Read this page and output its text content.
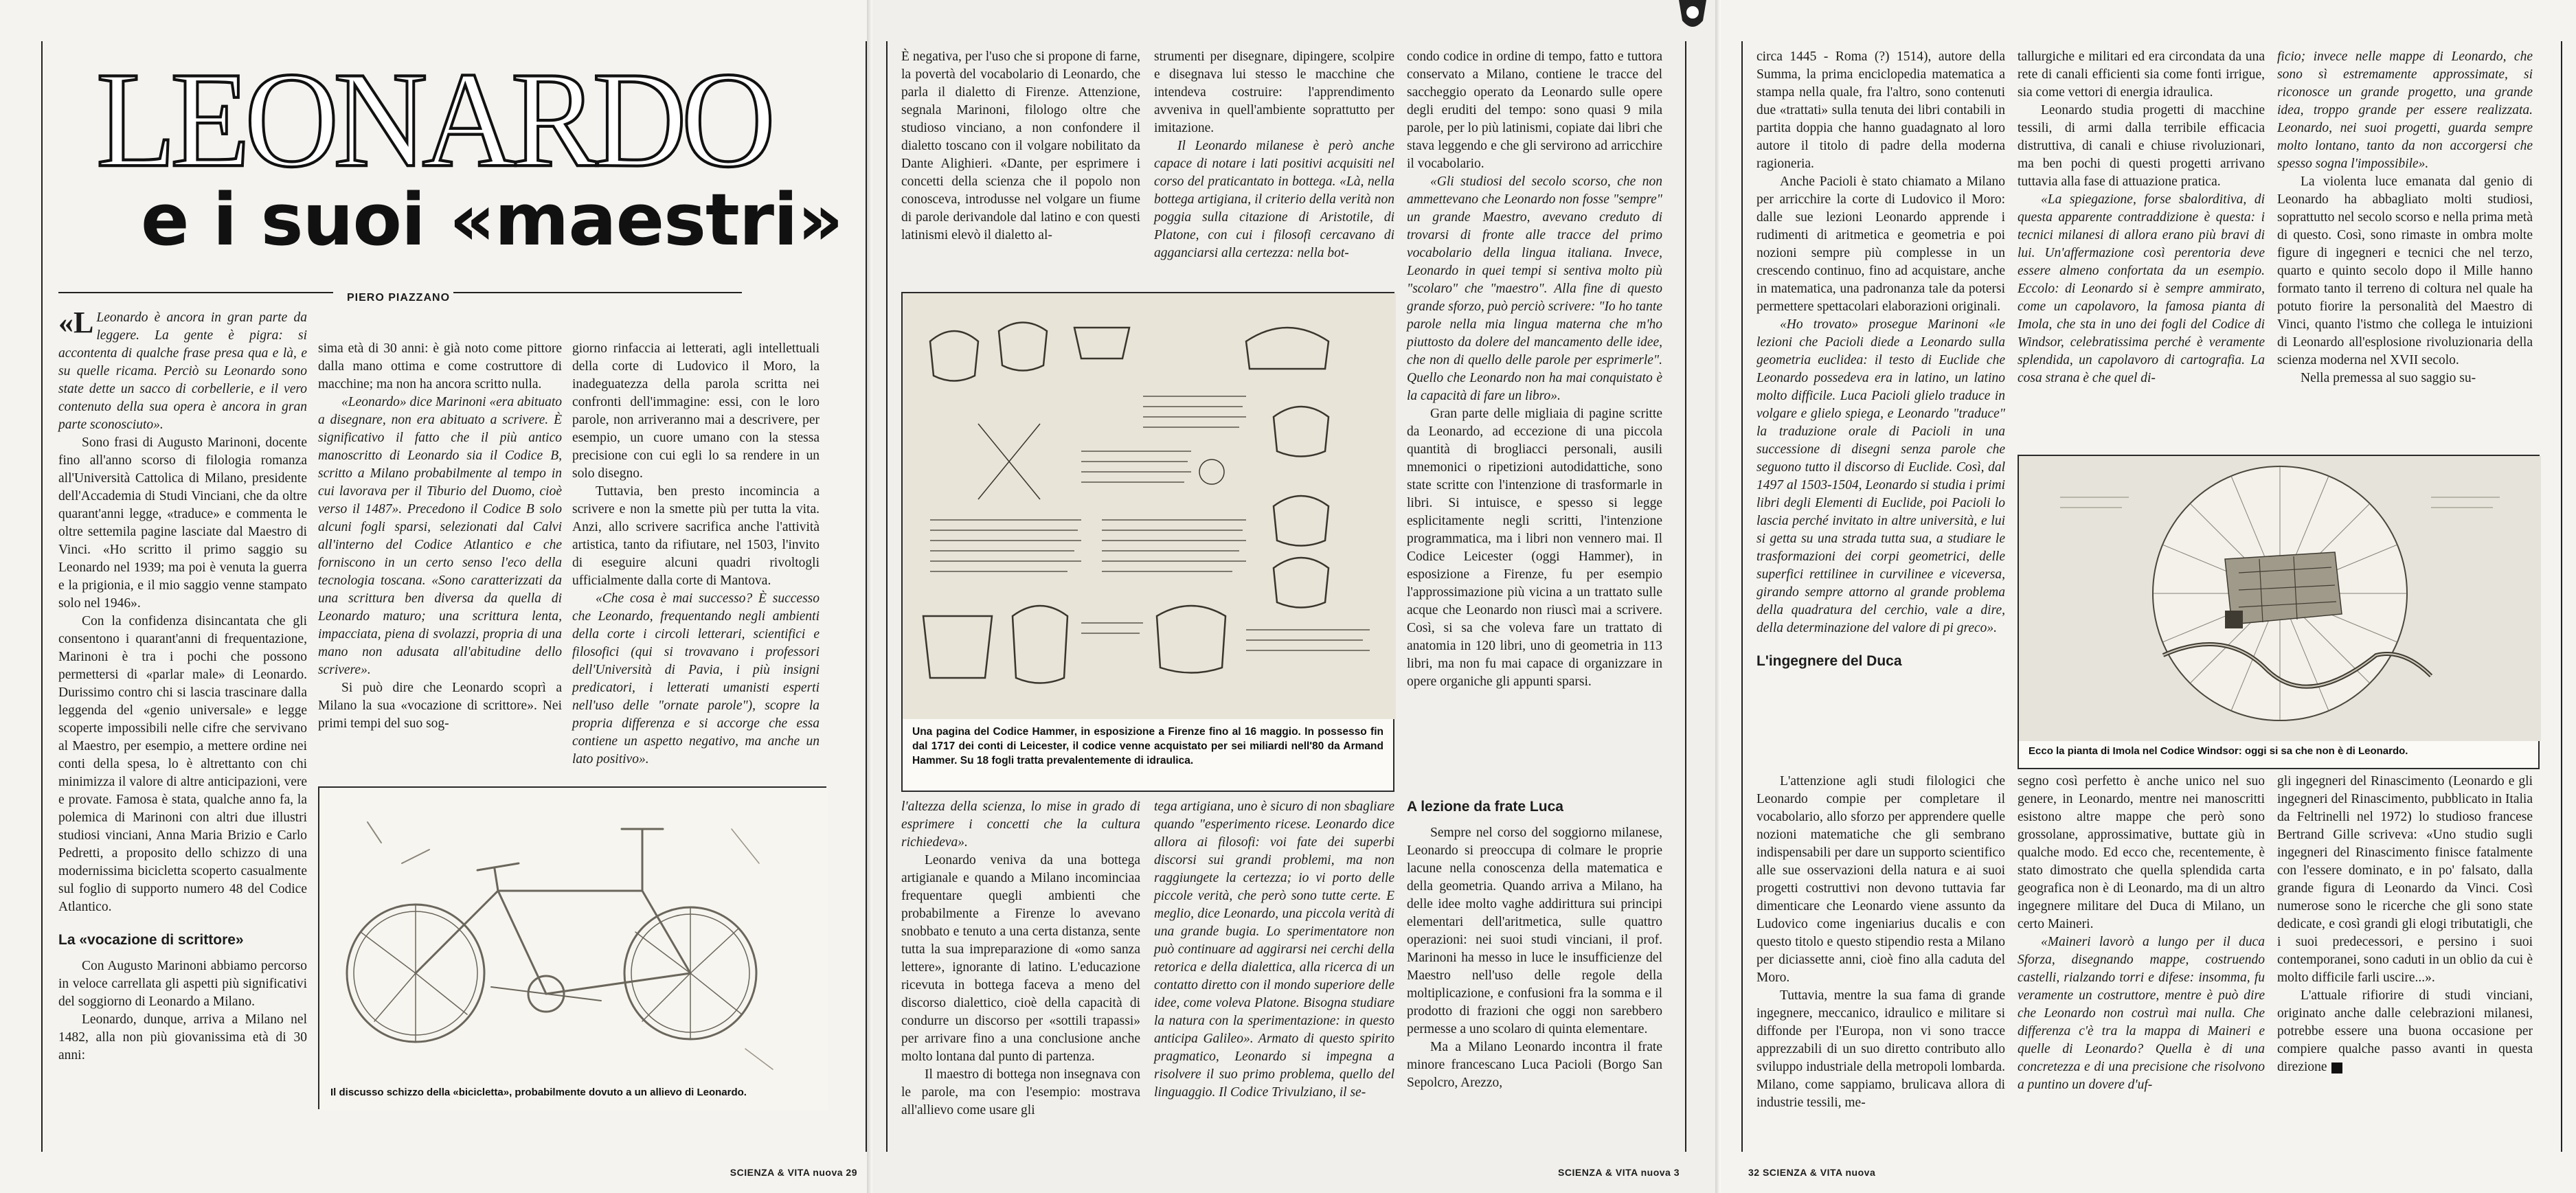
LEONARDO
e i suoi «maestri»
PIERO PIAZZANO

«L Leonardo è ancora in gran parte da leggere. La gente è pigra: si accontenta di qualche frase presa qua e là, e su quelle ricama. Perciò su Leonardo sono state dette un sacco di corbellerie, e il vero contenuto della sua opera è ancora in gran parte sconosciuto».

Sono frasi di Augusto Marinoni, docente fino all'anno scorso di filologia romanza all'Università Cattolica di Milano, presidente dell'Accademia di Studi Vinciani, che da oltre quarant'anni legge, «traduce» e commenta le oltre settemila pagine lasciate dal Maestro di Vinci. «Ho scritto il primo saggio su Leonardo nel 1939; ma poi è venuta la guerra e la prigionia, e il mio saggio venne stampato solo nel 1946».

Con la confidenza disincantata che gli consentono i quarant'anni di frequentazione, Marinoni è tra i pochi che possono permettersi di «parlar male» di Leonardo. Durissimo contro chi si lascia trascinare dalla leggenda del «genio universale» e legge scoperte impossibili nelle cifre che servivano al Maestro, per esempio, a mettere ordine nei conti della spesa, lo è altrettanto con chi minimizza il valore di altre anticipazioni, vere e provate. Famosa è stata, qualche anno fa, la polemica di Marinoni con altri due illustri studiosi vinciani, Anna Maria Brizio e Carlo Pedretti, a proposito dello schizzo di una modernissima bicicletta scoperto casualmente sul foglio di supporto numero 48 del Codice Atlantico.

La «vocazione di scrittore»

Con Augusto Marinoni abbiamo percorso in veloce carrellata gli aspetti più significativi del soggiorno di Leonardo a Milano.

Leonardo, dunque, arriva a Milano nel 1482, alla non più giovanissima età di 30 anni:

sima età di 30 anni: è già noto come pittore dalla mano ottima e come costruttore di macchine; ma non ha ancora scritto nulla.

«Leonardo» dice Marinoni «era abituato a disegnare, non era abituato a scrivere. È significativo il fatto che il più antico manoscritto di Leonardo sia il Codice B, scritto a Milano probabilmente al tempo in cui lavorava per il Tiburio del Duomo, cioè verso il 1487». Precedono il Codice B solo alcuni fogli sparsi, selezionati dal Calvi all'interno del Codice Atlantico e che forniscono in un certo senso l'eco della tecnologia toscana. «Sono caratterizzati da una scrittura ben diversa da quella di Leonardo maturo; una scrittura lenta, impacciata, piena di svolazzi, propria di una mano non adusata all'abitudine dello scrivere».

Si può dire che Leonardo scoprì a Milano la sua «vocazione di scrittore». Nei primi tempi del suo sog-

giorno rinfaccia ai letterati, agli intellettuali della corte di Ludovico il Moro, la inadeguatezza della parola scritta nei confronti dell'immagine: essi, con le loro parole, non arriveranno mai a descrivere, per esempio, un cuore umano con la stessa precisione con cui egli lo sa rendere in un solo disegno.

Tuttavia, ben presto incomincia a scrivere e non la smette più per tutta la vita. Anzi, allo scrivere sacrifica anche l'attività artistica, tanto da rifiutare, nel 1503, l'invito di eseguire alcuni quadri rivoltogli ufficialmente dalla corte di Mantova.

«Che cosa è mai successo? È successo che Leonardo, frequentando negli ambienti della corte i circoli letterari, scientifici e filosofici (qui si trovavano i professori dell'Università di Pavia, i più insigni predicatori, i letterati umanisti esperti nell'uso delle "ornate parole"), scopre la propria differenza e si accorge che essa contiene un aspetto negativo, ma anche un lato positivo».

Il discusso schizzo della «bicicletta», probabilmente dovuto a un allievo di Leonardo.
SCIENZA & VITA nuova 29

È negativa, per l'uso che si propone di farne, la povertà del vocabolario di Leonardo, che parla il dialetto di Firenze. Attenzione, segnala Marinoni, filologo oltre che studioso vinciano, a non confondere il dialetto toscano con il volgare nobilitato da Dante Alighieri. «Dante, per esprimere i concetti della scienza che il popolo non conosceva, introdusse nel volgare un fiume di parole derivandole dal latino e con questi latinismi elevò il dialetto al-

strumenti per disegnare, dipingere, scolpire e disegnava lui stesso le macchine che intendeva costruire: l'apprendimento avveniva in quell'ambiente soprattutto per imitazione.

Il Leonardo milanese è però anche capace di notare i lati positivi acquisiti nel corso del praticantato in bottega. «Là, nella bottega artigiana, il criterio della verità non poggia sulla citazione di Aristotile, di Platone, con cui i filosofi cercavano di agganciarsi alla certezza: nella bot-

condo codice in ordine di tempo, fatto e tuttora conservato a Milano, contiene le tracce del saccheggio operato da Leonardo sulle opere degli eruditi del tempo: sono quasi 9 mila parole, per lo più latinismi, copiate dai libri che stava leggendo e che gli servirono ad arricchire il vocabolario.

«Gli studiosi del secolo scorso, che non ammettevano che Leonardo non fosse "sempre" un grande Maestro, avevano creduto di trovarsi di fronte alle tracce del primo vocabolario della lingua italiana. Invece, Leonardo in quei tempi si sentiva molto più "scolaro" che "maestro". Alla fine di questo grande sforzo, può perciò scrivere: "Io ho tante parole nella mia lingua materna che m'ho piuttosto da dolere del mancamento delle idee, che non di quello delle parole per esprimerle". Quello che Leonardo non ha mai conquistato è la capacità di fare un libro».

Gran parte delle migliaia di pagine scritte da Leonardo, ad eccezione di una piccola quantità di brogliacci personali, ausili mnemonici o ripetizioni autodidattiche, sono state scritte con l'intenzione di trasformarle in libri. Si intuisce, e spesso si legge esplicitamente negli scritti, l'intenzione programmatica, ma i libri non vennero mai. Il Codice Leicester (oggi Hammer), in esposizione a Firenze, fu per esempio l'approssimazione più vicina a un trattato sulle acque che Leonardo non riuscì mai a scrivere. Così, si sa che voleva fare un trattato di anatomia in 120 libri, uno di geometria in 113 libri, ma non fu mai capace di organizzare in opere organiche gli appunti sparsi.

Una pagina del Codice Hammer, in esposizione a Firenze fino al 16 maggio. In possesso fin dal 1717 dei conti di Leicester, il codice venne acquistato per sei miliardi nell'80 da Armand Hammer. Su 18 fogli tratta prevalentemente di idraulica.

l'altezza della scienza, lo mise in grado di esprimere i concetti che la cultura richiedeva».

Leonardo veniva da una bottega artigianale e quando a Milano incominciaa frequentare quegli ambienti che probabilmente a Firenze lo avevano snobbato e tenuto a una certa distanza, sente tutta la sua impreparazione di «omo sanza lettere», ignorante di latino. L'educazione ricevuta in bottega faceva a meno del discorso dialettico, cioè della capacità di condurre un discorso per «sottili trapassi» per arrivare fino a una conclusione anche molto lontana dal punto di partenza.

Il maestro di bottega non insegnava con le parole, ma con l'esempio: mostrava all'allievo come usare gli

tega artigiana, uno è sicuro di non sbagliare quando "esperimento ricese. Leonardo dice allora ai filosofi: voi fate dei superbi discorsi sui grandi problemi, ma non raggiungete la certezza; io vi porto delle piccole verità, che però sono tutte certe. E meglio, dice Leonardo, una piccola verità di una grande bugia. Lo sperimentatore non può continuare ad aggirarsi nei cerchi della retorica e della dialettica, alla ricerca di un contatto diretto con il mondo superiore delle idee, come voleva Platone. Bisogna studiare la natura con la sperimentazione: in questo anticipa Galileo». Armato di questo spirito pragmatico, Leonardo si impegna a risolvere il suo primo problema, quello del linguaggio. Il Codice Trivulziano, il se-

SCIENZA & VITA nuova 3
A lezione da frate Luca

Sempre nel corso del soggiorno milanese, Leonardo si preoccupa di colmare le proprie lacune nella conoscenza della matematica e della geometria. Quando arriva a Milano, ha delle idee molto vaghe addirittura sui principi elementari dell'aritmetica, sulle quattro operazioni: nei suoi studi vinciani, il prof. Marinoni ha messo in luce le insufficienze del Maestro nell'uso delle regole della moltiplicazione, e confusioni fra la somma e il prodotto di frazioni che oggi non sarebbero permesse a uno scolaro di quinta elementare.

Ma a Milano Leonardo incontra il frate minore francescano Luca Pacioli (Borgo San Sepolcro, Arezzo,

circa 1445 - Roma (?) 1514), autore della Summa, la prima enciclopedia matematica a stampa nella quale, fra l'altro, sono contenuti due «trattati» sulla tenuta dei libri contabili in partita doppia che hanno guadagnato al loro autore il titolo di padre della moderna ragioneria.

Anche Pacioli è stato chiamato a Milano per arricchire la corte di Ludovico il Moro: dalle sue lezioni Leonardo apprende i rudimenti di aritmetica e geometria e poi nozioni sempre più complesse in un crescendo continuo, fino ad acquistare, anche in matematica, una padronanza tale da potersi permettere spettacolari elaborazioni originali.

«Ho trovato» prosegue Marinoni «le lezioni che Pacioli diede a Leonardo sulla geometria euclidea: il testo di Euclide che Leonardo possedeva era in latino, un latino molto difficile. Luca Pacioli glielo traduce in volgare e glielo spiega, e Leonardo "traduce" la traduzione orale di Pacioli in una successione di disegni senza parole che seguono tutto il discorso di Euclide. Così, dal 1497 al 1503-1504, Leonardo si studia i primi libri degli Elementi di Euclide, poi Pacioli lo lascia perché invitato in altre università, e lui si getta su una strada tutta sua, a studiare le trasformazioni dei corpi geometrici, delle superfici rettilinee in curvilinee e viceversa, girando sempre attorno al grande problema della quadratura del cerchio, vale a dire, della determinazione del valore di pi greco».

L'ingegnere del Duca

tallurgiche e militari ed era circondata da una rete di canali efficienti sia come fonti irrigue, sia come vettori di energia idraulica.

Leonardo studia progetti di macchine tessili, di armi dalla terribile efficacia distruttiva, di canali e chiuse rivoluzionari, ma ben pochi di questi progetti arrivano tuttavia alla fase di attuazione pratica.

«La spiegazione, forse sbalorditiva, di questa apparente contraddizione è questa: i tecnici milanesi di allora erano più bravi di lui. Un'affermazione così perentoria deve essere almeno confortata da un esempio. Eccolo: di Leonardo si è sempre ammirato, come un capolavoro, la famosa pianta di Imola, che sta in uno dei fogli del Codice di Windsor, celebratissima perché è veramente splendida, un capolavoro di cartografia. La cosa strana è che quel di-

ficio; invece nelle mappe di Leonardo, che sono sì estremamente approssimate, si riconosce un grande progetto, una grande idea, troppo grande per essere realizzata. Leonardo, nei suoi progetti, guarda sempre molto lontano, tanto da non accorgersi che spesso sogna l'impossibile».

La violenta luce emanata dal genio di Leonardo ha abbagliato molti studiosi, soprattutto nel secolo scorso e nella prima metà di questo. Così, sono rimaste in ombra molte figure di ingegneri e tecnici che nel terzo, quarto e quinto secolo dopo il Mille hanno formato tanto il terreno di coltura nel quale ha potuto fiorire la personalità del Maestro di Vinci, quanto l'istmo che collega le intuizioni di Leonardo all'esplosione rivoluzionaria della scienza moderna nel XVII secolo.

Nella premessa al suo saggio su-

Ecco la pianta di Imola nel Codice Windsor: oggi si sa che non è di Leonardo.

L'attenzione agli studi filologici che Leonardo compie per completare il vocabolario, allo sforzo per apprendere quelle nozioni matematiche che gli sembrano indispensabili per dare un supporto scientifico alle sue osservazioni della natura e ai suoi progetti costruttivi non devono tuttavia far dimenticare che Leonardo viene assunto da Ludovico come ingeniarius ducalis e con questo titolo e questo stipendio resta a Milano per diciassette anni, cioè fino alla caduta del Moro.

Tuttavia, mentre la sua fama di grande ingegnere, meccanico, idraulico e militare si diffonde per l'Europa, non vi sono tracce apprezzabili di un suo diretto contributo allo sviluppo industriale della metropoli lombarda. Milano, come sappiamo, brulicava allora di industrie tessili, me-

segno così perfetto è anche unico nel suo genere, in Leonardo, mentre nei manoscritti esistono altre mappe che però sono grossolane, approssimative, buttate giù in qualche modo. Ed ecco che, recentemente, è stato dimostrato che quella splendida carta geografica non è di Leonardo, ma di un altro ingegnere militare del Duca di Milano, un certo Maineri.

«Maineri lavorò a lungo per il duca Sforza, disegnando mappe, costruendo castelli, rialzando torri e difese: insomma, fu veramente un costruttore, mentre è può dire che Leonardo non costruì mai nulla. Che differenza c'è tra la mappa di Maineri e quelle di Leonardo? Quella è di una concretezza e di una precisione che risolvono a puntino un dovere d'uf-

gli ingegneri del Rinascimento (Leonardo e gli ingegneri del Rinascimento, pubblicato in Italia da Feltrinelli nel 1972) lo studioso francese Bertrand Gille scriveva: «Uno studio sugli ingegneri del Rinascimento finisce fatalmente con l'essere dominato, e in po' falsato, dalla grande figura di Leonardo da Vinci. Così numerose sono le ricerche che gli sono state dedicate, e così grandi gli elogi tributatigli, che i suoi predecessori, e persino i suoi contemporanei, sono caduti in un oblio da cui è molto difficile farli uscire...».

L'attuale rifiorire di studi vinciani, originato anche dalle celebrazioni milanesi, potrebbe essere una buona occasione per compiere qualche passo avanti in questa direzione

32 SCIENZA & VITA nuova
